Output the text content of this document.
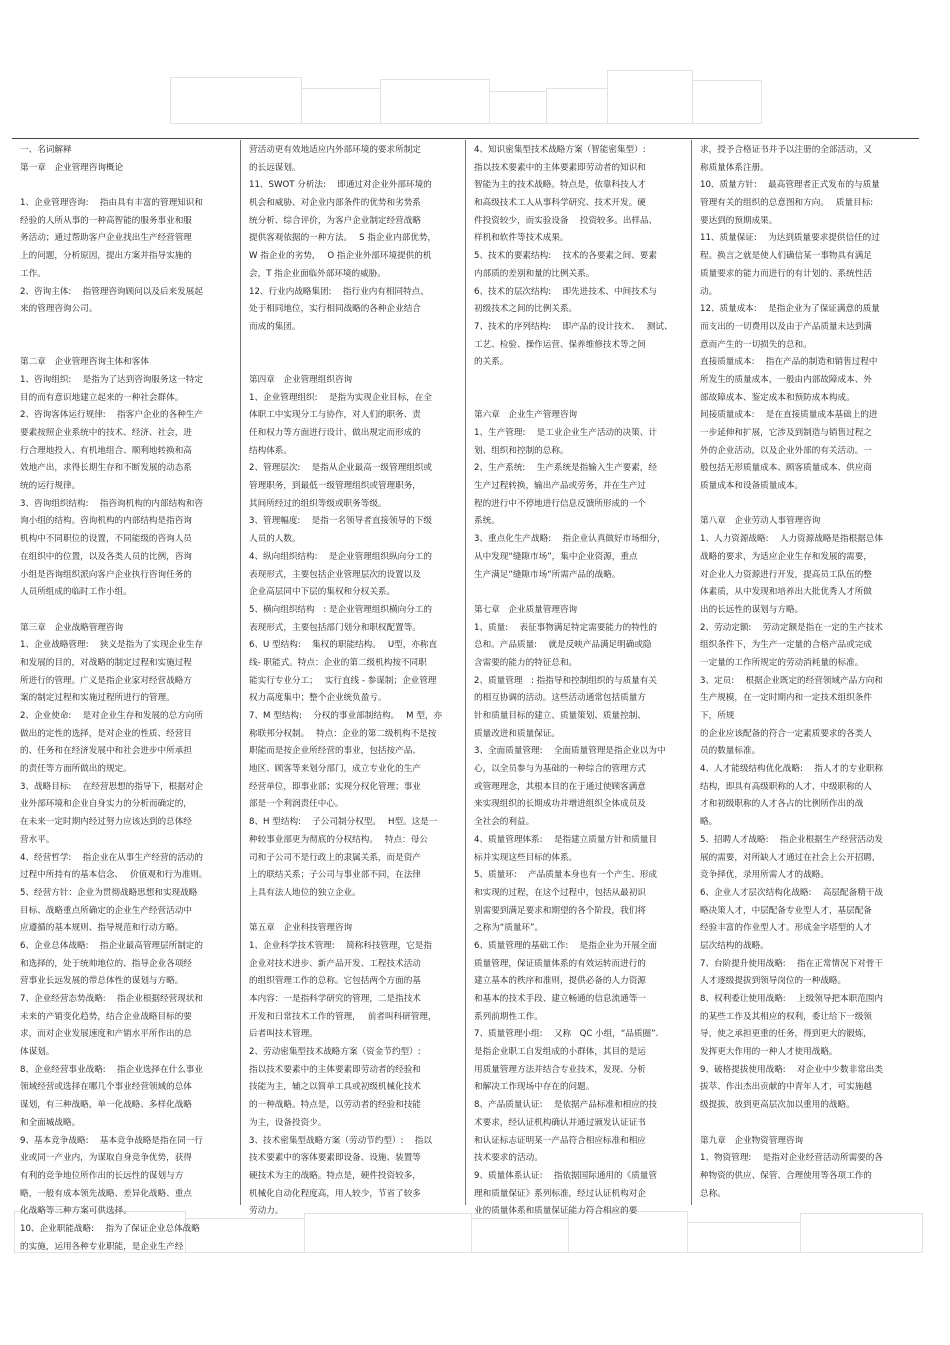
一、名词解释
第一章　企业管理咨询概论
1、企业管理咨询:　 指由具有丰富的管理知识和
经验的人所从事的一种高智能的服务事业和服
务活动；通过帮助客户企业找出生产经营管理
上的问题，分析原因，提出方案并指导实施的
工作。
2、咨询主体:　 指管理咨询顾问以及后来发展起
来的管理咨询公司。
第二章　企业管理咨询主体和客体
1、咨询组织:　 是指为了达到咨询服务这一特定
目的而有意识地建立起来的一种社会群体。
2、咨询客体运行规律:　 指客户企业的各种生产
要素按照企业系统中的技术、经济、社会，进
行合理地投入、有机地组合、顺利地转换和高
效地产出，求得长期生存和不断发展的动态系
统的运行规律。
3、咨询组织结构:　 指咨询机构的内部结构和咨
询小组的结构。咨询机构的内部结构是指咨询
机构中不同职位的设置，不同能级的咨询人员
在组织中的位置，以及各类人员的比例，咨询
小组是咨询组织派向客户企业执行咨询任务的
人员所组成的临时工作小组。
第三章　企业战略管理咨询
1、企业战略管理:　 狭义是指为了实现企业生存
和发展的目的，对战略的制定过程和实施过程
所进行的管理。广义是指企业家对经营战略方
案的制定过程和实施过程所进行的管理。
2、企业使命:　 是对企业生存和发展的总方向所
做出的定性的选择，是对企业的性质、经营目
的、任务和在经济发展中和社会进步中所承担
的责任等方面所做出的规定。
3、战略目标:　 在经营思想的指导下，根据对企
业外部环境和企业自身实力的分析而确定的，
在未来一定时期内经过努力应该达到的总体经
营水平。
4、经营哲学:　 指企业在从事生产经营的活动的
过程中所持有的基本信念、　 价值观和行为准则。
5、经营方针：企业为贯彻战略思想和实现战略
目标、战略重点所确定的企业生产经营活动中
应遵循的基本规则、指导规范和行动方略。
6、企业总体战略:　 指企业最高管理层所制定的
和选择的，处于统帅地位的、指导企业各项经
营事业长远发展的带总体性的谋划与方略。
7、企业经营态势战略:　 指企业根据经营现状和
未来的产销变化趋势，结合企业战略目标的要
求，而对企业发展速度和产销水平所作出的总
体谋划。
8、企业经营事业战略:　 指企业选择在什么事业
领域经营或选择在哪几个事业经营领域的总体
谋划，有三种战略，单一化战略、多样化战略
和全面城战略。
9、基本竞争战略:　 基本竞争战略是指在同一行
业或同一产业内，为谋取自身竞争优势，获得
有利的竞争地位所作出的长远性的谋划与方
略，一般有成本领先战略、差异化战略、重点
化战略等三种方案可供选择。
10、企业职能战略:　 指为了保证企业总体战略
的实施，运用各种专业职能，是企业生产经
营活动更有效地适应内外部环境的要求所制定
的长远谋划。
11、SWOT 分析法:　 即通过对企业外部环境的
机会和威胁、对企业内部条件的优势和劣势系
统分析、综合评价，为客户企业制定经营战略
提供客观依据的一种方法。　 S 指企业内部优势，
W 指企业的劣势，　 O 指企业外部环境提供的机
会，T 指企业面临外部环境的威胁。
12、行业内战略集团:　 指行业内有相同特点、
处于相同地位，实行相同战略的各种企业结合
而成的集团。
第四章　企业管理组织咨询
1、企业管理组织:　 是指为实现企业目标，在全
体职工中实现分工与协作，对人们的职务、责
任和权力等方面进行设计、做出规定而形成的
结构体系。
2、管理层次:　 是指从企业最高一级管理组织或
管理职务，到最低一级管理组织或管理职务，
其间所经过的组织等级或职务等级。
3、管理幅度:　 是指一名领导者直接领导的下级
人员的人数。
4、纵向组织结构:　 是企业管理组织纵向分工的
表现形式，主要包括企业管理层次的设置以及
企业高层同中下层的集权和分权关系。
5、横向组织结构　: 是企业管理组织横向分工的
表现形式，主要包括部门划分和职权配置等。
6、U 型结构:　 集权的职能结构。　 U型，亦称直
线- 职能式。特点：企业的第二级机构按不同职
能实行专业分工；　 实行直线 - 参谋制；企业管理
权力高度集中；整个企业统负盈亏。
7、M 型结构:　 分权的事业部制结构。　 M 型，亦
称联邦分权制。　 特点：企业的第二级机构不是按
职能而是按企业所经营的事业，包括按产品、
地区、顾客等来划分部门，成立专业化的生产
经营单位，即事业部；实现分权化管理；事业
部是一个利润责任中心。
8、H 型结构:　 子公司制分权型。　 H型。这是一
种较事业部更为彻底的分权结构。　 特点：母公
司和子公司不是行政上的隶属关系，而是资产
上的联结关系；子公司与事业部不同，在法律
上具有法人地位的独立企业。
第五章　企业科技管理咨询
1、企业科学技术管理:　 简称科技管理，它是指
企业对技术进步、新产品开发、工程技术活动
的组织管理工作的总称。它包括两个方面的基
本内容：一是指科学研究的管理，二是指技术
开发和日常技术工作的管理，　 前者叫科研管理，
后者叫技术管理。
2、劳动密集型技术战略方案（资金节约型）:
指以技术要素中的主体要素即劳动者的经验和
技能为主，辅之以简单工具或初级机械化技术
的一种战略。特点是，以劳动者的经验和技能
为主，设备投资少。
3、技术密集型战略方案（劳动节约型）:　 指以
技术要素中的客体要素即设备、设施、装置等
硬技术为主的战略。特点是，硬件投资较多，
机械化自动化程度高，用人较少，节省了较多
劳动力。
4、知识密集型技术战略方案（智能密集型）:
指以技术要素中的主体要素即劳动者的知识和
智能为主的技术战略。特点是，依靠科技人才
和高级技术工人从事科学研究、技术开发。硬
件投资较少，而实验设备　 投资较多。出样品、
样机和软件等技术成果。
5、技术的要素结构:　 技术的各要素之间、要素
内部质的差别和量的比例关系。
6、技术的层次结构:　 即先进技术、中间技术与
初级技术之间的比例关系。
7、技术的序列结构:　 即产品的设计技术、　 测试、
工艺、检验、操作运营、保养维修技术等之间
的关系。
第六章　企业生产管理咨询
1、生产管理:　 是工业企业生产活动的决策、计
划、组织和控制的总称。
2、生产系统:　 生产系统是指输入生产要素，经
生产过程转换，输出产品或劳务，并在生产过
程的进行中不停地进行信息反馈所形成的一个
系统。
3、重点化生产战略:　 指企业认真做好市场细分，
从中发现“缝隙市场”，集中企业资源，重点
生产满足“缝隙市场“所需产品的战略。
第七章　企业质量管理咨询
1、质量:　 表征事物满足特定需要能力的特性的
总和。产品质量:　 就是反映产品满足明确或隐
含需要的能力的特征总和。
2、质量管理　: 指指导和控制组织的与质量有关
的相互协调的活动。这些活动通常包括质量方
针和质量目标的建立、质量策划、质量控制、
质量改进和质量保证。
3、全面质量管理:　 全面质量管理是指企业以为中
心，以全员参与为基础的一种综合的管理方式
或管理理念，其根本目的在于通过使顾客满意
来实现组织的长期成功并增进组织全体成员及
全社会的利益。
4、质量管理体系:　 是指建立质量方针和质量目
标并实现这些目标的体系。
5、质量环:　 产品质量本身也有一个产生、形成
和实现的过程，在这个过程中，包括从最初识
别需要到满足要求和期望的各个阶段，我们将
之称为“质量环”。
6、质量管理的基础工作:　 是指企业为开展全面
质量管理，保证质量体系的有效运转而进行的
建立基本的秩序和准则，提供必备的人力资源
和基本的技术手段、建立畅通的信息流通等一
系列前期性工作。
7、质量管理小组:　 又称　QC 小组，“品质圈”.
是指企业职工自发组成的小群体，其目的是运
用质量管理方法并结合专业技术，发现、分析
和解决工作现场中存在的问题。
8、产品质量认证:　 是依据产品标准和相应的技
术要求，经认证机构确认并通过颁发认证证书
和认证标志证明某一产品符合相应标准和相应
技术要求的活动。
9、质量体系认证:　 指依据国际通用的《质量管
理和质量保证》系列标准，经过认证机构对企
业的质量体系和质量保证能力符合相应的要
求，授予合格证书并予以注册的全部活动，又
称质量体系注册。
10、质量方针:　 最高管理者正式发布的与质量
管理有关的组织的总意图和方向。　 质量目标:
要达到的预期成果。
11、质量保证:　 为达到质量要求提供信任的过
程。换言之就是使人们确信某一事物具有满足
质量要求的能力而进行的有计划的、系统性活
动。
12、质量成本:　 是指企业为了保证满意的质量
而支出的一切费用以及由于产品质量未达到满
意而产生的一切损失的总和。
直接质量成本:　 指在产品的制造和销售过程中
所发生的质量成本，一般由内部故障成本、外
部故障成本、鉴定成本和预防成本构成。
间接质量成本:　 是在直接质量成本基础上的进
一步延伸和扩展，它涉及到制造与销售过程之
外的企业活动，以及企业外部的有关活动。一
般包括无形质量成本、顾客质量成本、供应商
质量成本和设备质量成本。
第八章　企业劳动人事管理咨询
1、人力资源战略:　 人力资源战略是指根据总体
战略的要求，为适应企业生存和发展的需要，
对企业人力资源进行开发，提高员工队伍的整
体素质，从中发现和培养出大批优秀人才所做
出的长远性的谋划与方略。
2、劳动定额:　 劳动定额是指在一定的生产技术
组织条件下，为生产一定量的合格产品或完成
一定量的工作所规定的劳动消耗量的标准。
3、定员:　 根据企业既定的经营领域产品方向和
生产规模，在一定时期内和一定技术组织条件
下，所规
的企业应该配备的符合一定素质要求的各类人
员的数量标准。
4、人才能级结构优化战略:　 指人才的专业职称
结构，即具有高级职称的人才、中级职称的人
才和初级职称的人才各占的比例所作出的战
略。
5、招聘人才战略:　 指企业根据生产经营活动发
展的需要，对所缺人才通过在社会上公开招聘，
竞争择优，录用所需人才的战略。
6、企业人才层次结构化战略:　 高层配备精干战
略决策人才，中层配备专业型人才，基层配备
经验丰富的作业型人才。形成金字塔型的人才
层次结构的战略。
7、台阶提升使用战略:　 指在正常情况下对骨干
人才逐级提拔到领导岗位的一种战略。
8、权利委让使用战略:　 上级领导把本职范围内
的某些工作及其相应的权利，委让给下一级领
导，使之承担更重的任务，得到更大的锻炼，
发挥更大作用的一种人才使用战略。
9、破格提拔使用战略:　 对企业中少数非常出类
拔萃、作出杰出贡献的中青年人才，可实施越
级提拔，放到更高层次加以重用的战略。
第九章　企业物资管理咨询
1、物资管理:　 是指对企业经营活动所需要的各
种物资的供应、保管、合理使用等各项工作的
总称。
